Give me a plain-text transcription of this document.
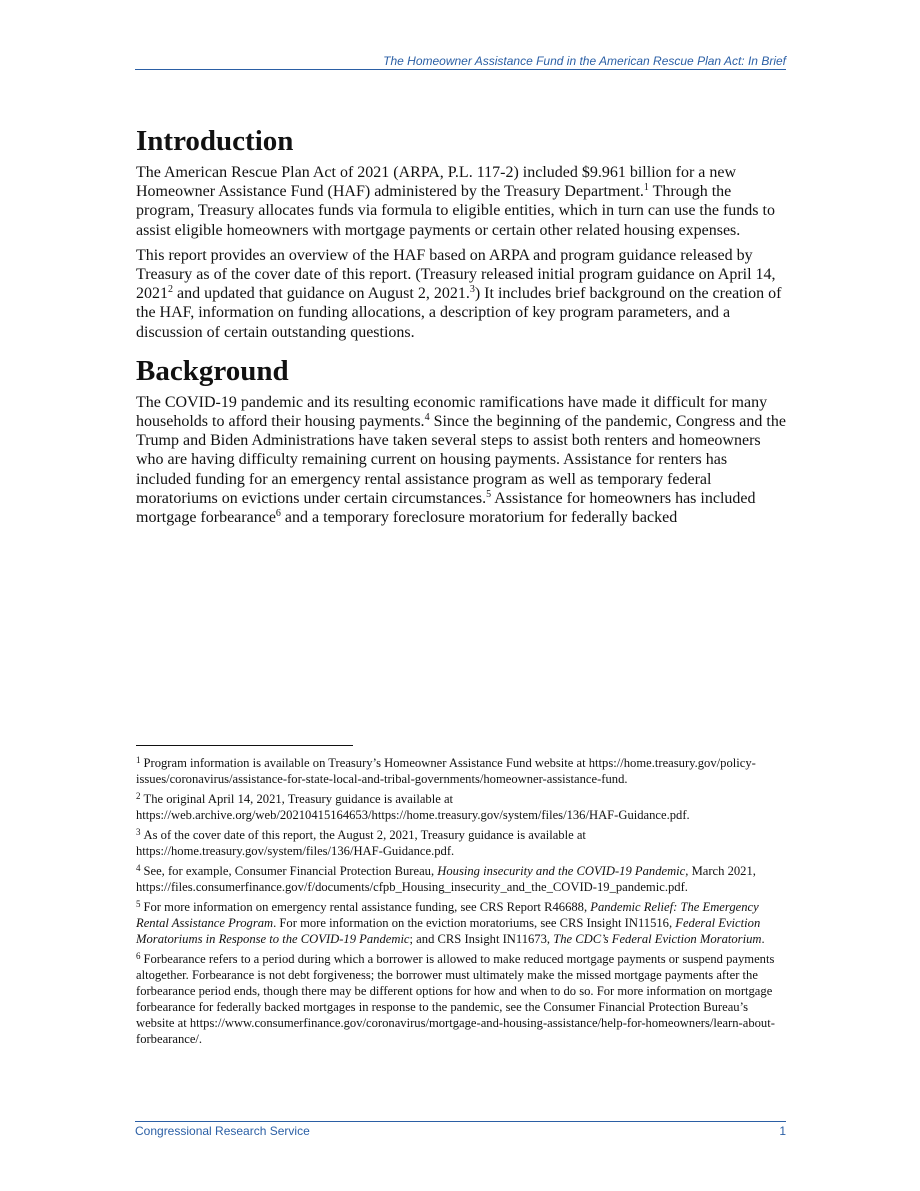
The Homeowner Assistance Fund in the American Rescue Plan Act: In Brief
Introduction

The American Rescue Plan Act of 2021 (ARPA, P.L. 117-2) included $9.961 billion for a new Homeowner Assistance Fund (HAF) administered by the Treasury Department.$^1$ Through the program, Treasury allocates funds via formula to eligible entities, which in turn can use the funds to assist eligible homeowners with mortgage payments or certain other related housing expenses.

This report provides an overview of the HAF based on ARPA and program guidance released by Treasury as of the cover date of this report. (Treasury released initial program guidance on April 14, 2021$^2$ and updated that guidance on August 2, 2021.$^3$) It includes brief background on the creation of the HAF, information on funding allocations, a description of key program parameters, and a discussion of certain outstanding questions.

Background

The COVID-19 pandemic and its resulting economic ramifications have made it difficult for many households to afford their housing payments.$^4$ Since the beginning of the pandemic, Congress and the Trump and Biden Administrations have taken several steps to assist both renters and homeowners who are having difficulty remaining current on housing payments. Assistance for renters has included funding for an emergency rental assistance program as well as temporary federal moratoriums on evictions under certain circumstances.$^5$ Assistance for homeowners has included mortgage forbearance$^6$ and a temporary foreclosure moratorium for federally backed

$^1$ Program information is available on Treasury’s Homeowner Assistance Fund website at https://home.treasury.gov/policy-issues/coronavirus/assistance-for-state-local-and-tribal-governments/homeowner-assistance-fund.

$^2$ The original April 14, 2021, Treasury guidance is available at https://web.archive.org/web/20210415164653/https://home.treasury.gov/system/files/136/HAF-Guidance.pdf.

$^3$ As of the cover date of this report, the August 2, 2021, Treasury guidance is available at https://home.treasury.gov/system/files/136/HAF-Guidance.pdf.

$^4$ See, for example, Consumer Financial Protection Bureau, Housing insecurity and the COVID-19 Pandemic, March 2021, https://files.consumerfinance.gov/f/documents/cfpb_Housing_insecurity_and_the_COVID-19_pandemic.pdf.

$^5$ For more information on emergency rental assistance funding, see CRS Report R46688, Pandemic Relief: The Emergency Rental Assistance Program. For more information on the eviction moratoriums, see CRS Insight IN11516, Federal Eviction Moratoriums in Response to the COVID-19 Pandemic; and CRS Insight IN11673, The CDC’s Federal Eviction Moratorium.

$^6$ Forbearance refers to a period during which a borrower is allowed to make reduced mortgage payments or suspend payments altogether. Forbearance is not debt forgiveness; the borrower must ultimately make the missed mortgage payments after the forbearance period ends, though there may be different options for how and when to do so. For more information on mortgage forbearance for federally backed mortgages in response to the pandemic, see the Consumer Financial Protection Bureau’s website at https://www.consumerfinance.gov/coronavirus/mortgage-and-housing-assistance/help-for-homeowners/learn-about-forbearance/.

Congressional Research Service	1
